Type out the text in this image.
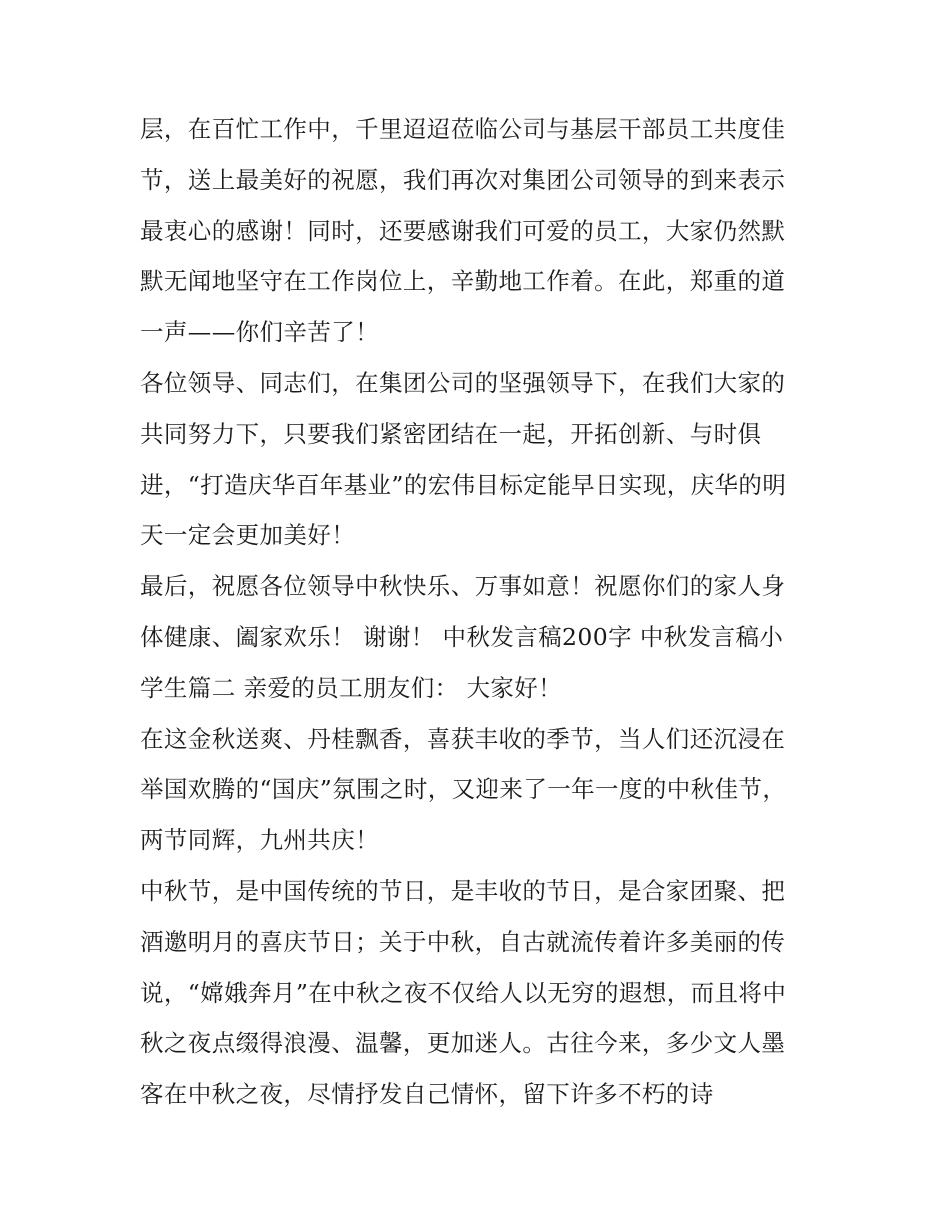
层，在百忙工作中，千里迢迢莅临公司与基层干部员工共度佳
节，送上最美好的祝愿，我们再次对集团公司领导的到来表示
最衷心的感谢！同时，还要感谢我们可爱的员工，大家仍然默
默无闻地坚守在工作岗位上，辛勤地工作着。在此，郑重的道
一声——你们辛苦了！
各位领导、同志们，在集团公司的坚强领导下，在我们大家的
共同努力下，只要我们紧密团结在一起，开拓创新、与时俱
进，“打造庆华百年基业”的宏伟目标定能早日实现，庆华的明
天一定会更加美好！
最后，祝愿各位领导中秋快乐、万事如意！祝愿你们的家人身
体健康、阖家欢乐！ 谢谢！ 中秋发言稿200字 中秋发言稿小
学生篇二 亲爱的员工朋友们： 大家好！
在这金秋送爽、丹桂飘香，喜获丰收的季节，当人们还沉浸在
举国欢腾的“国庆”氛围之时，又迎来了一年一度的中秋佳节，
两节同辉，九州共庆！
中秋节，是中国传统的节日，是丰收的节日，是合家团聚、把
酒邀明月的喜庆节日；关于中秋，自古就流传着许多美丽的传
说，“嫦娥奔月”在中秋之夜不仅给人以无穷的遐想，而且将中
秋之夜点缀得浪漫、温馨，更加迷人。古往今来，多少文人墨
客在中秋之夜，尽情抒发自己情怀，留下许多不朽的诗
